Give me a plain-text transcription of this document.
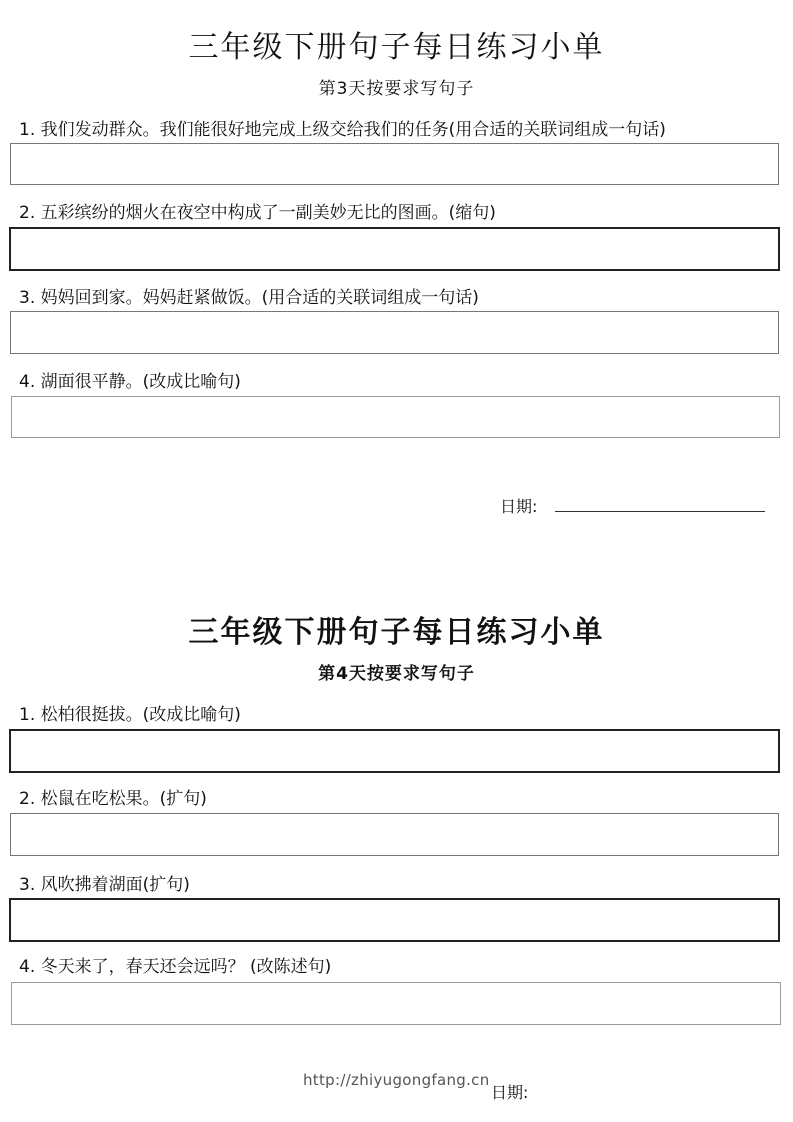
三年级下册句子每日练习小单
第3天按要求写句子
1. 我们发动群众。我们能很好地完成上级交给我们的任务(用合适的关联词组成一句话)
2. 五彩缤纷的烟火在夜空中构成了一副美妙无比的图画。(缩句)
3. 妈妈回到家。妈妈赶紧做饭。(用合适的关联词组成一句话)
4. 湖面很平静。(改成比喻句)
日期:
三年级下册句子每日练习小单
第4天按要求写句子
1. 松柏很挺拔。(改成比喻句)
2. 松鼠在吃松果。(扩句)
3. 风吹拂着湖面(扩句)
4. 冬天来了，春天还会远吗？ (改陈述句)
http://zhiyugongfang.cn
日期:
